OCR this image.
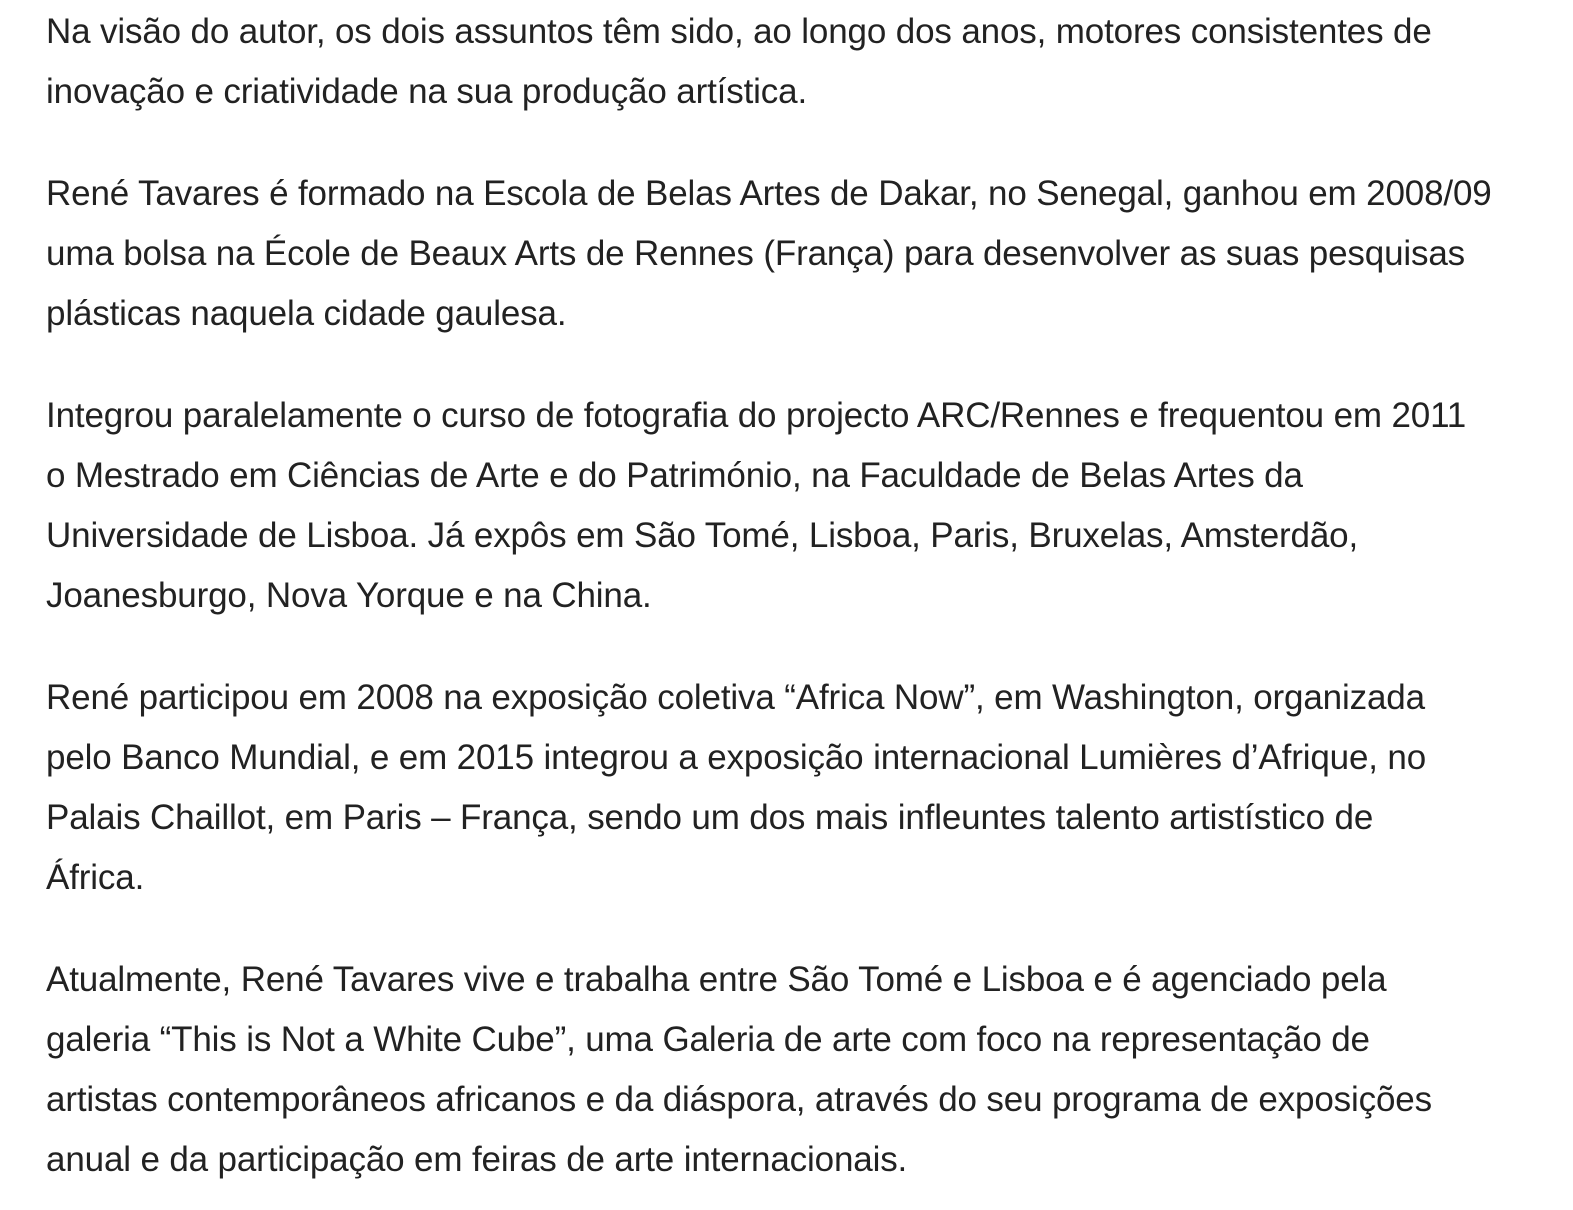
Na visão do autor, os dois assuntos têm sido, ao longo dos anos, motores consistentes de
inovação e criatividade na sua produção artística.

René Tavares é formado na Escola de Belas Artes de Dakar, no Senegal, ganhou em 2008/09
uma bolsa na École de Beaux Arts de Rennes (França) para desenvolver as suas pesquisas
plásticas naquela cidade gaulesa.

Integrou paralelamente o curso de fotografia do projecto ARC/Rennes e frequentou em 2011
o Mestrado em Ciências de Arte e do Património, na Faculdade de Belas Artes da
Universidade de Lisboa. Já expôs em São Tomé, Lisboa, Paris, Bruxelas, Amsterdão,
Joanesburgo, Nova Yorque e na China.

René participou em 2008 na exposição coletiva “Africa Now”, em Washington, organizada
pelo Banco Mundial, e em 2015 integrou a exposição internacional Lumières d’Afrique, no
Palais Chaillot, em Paris – França, sendo um dos mais infleuntes talento artistístico de
África.

Atualmente, René Tavares vive e trabalha entre São Tomé e Lisboa e é agenciado pela
galeria “This is Not a White Cube”, uma Galeria de arte com foco na representação de
artistas contemporâneos africanos e da diáspora, através do seu programa de exposições
anual e da participação em feiras de arte internacionais.
